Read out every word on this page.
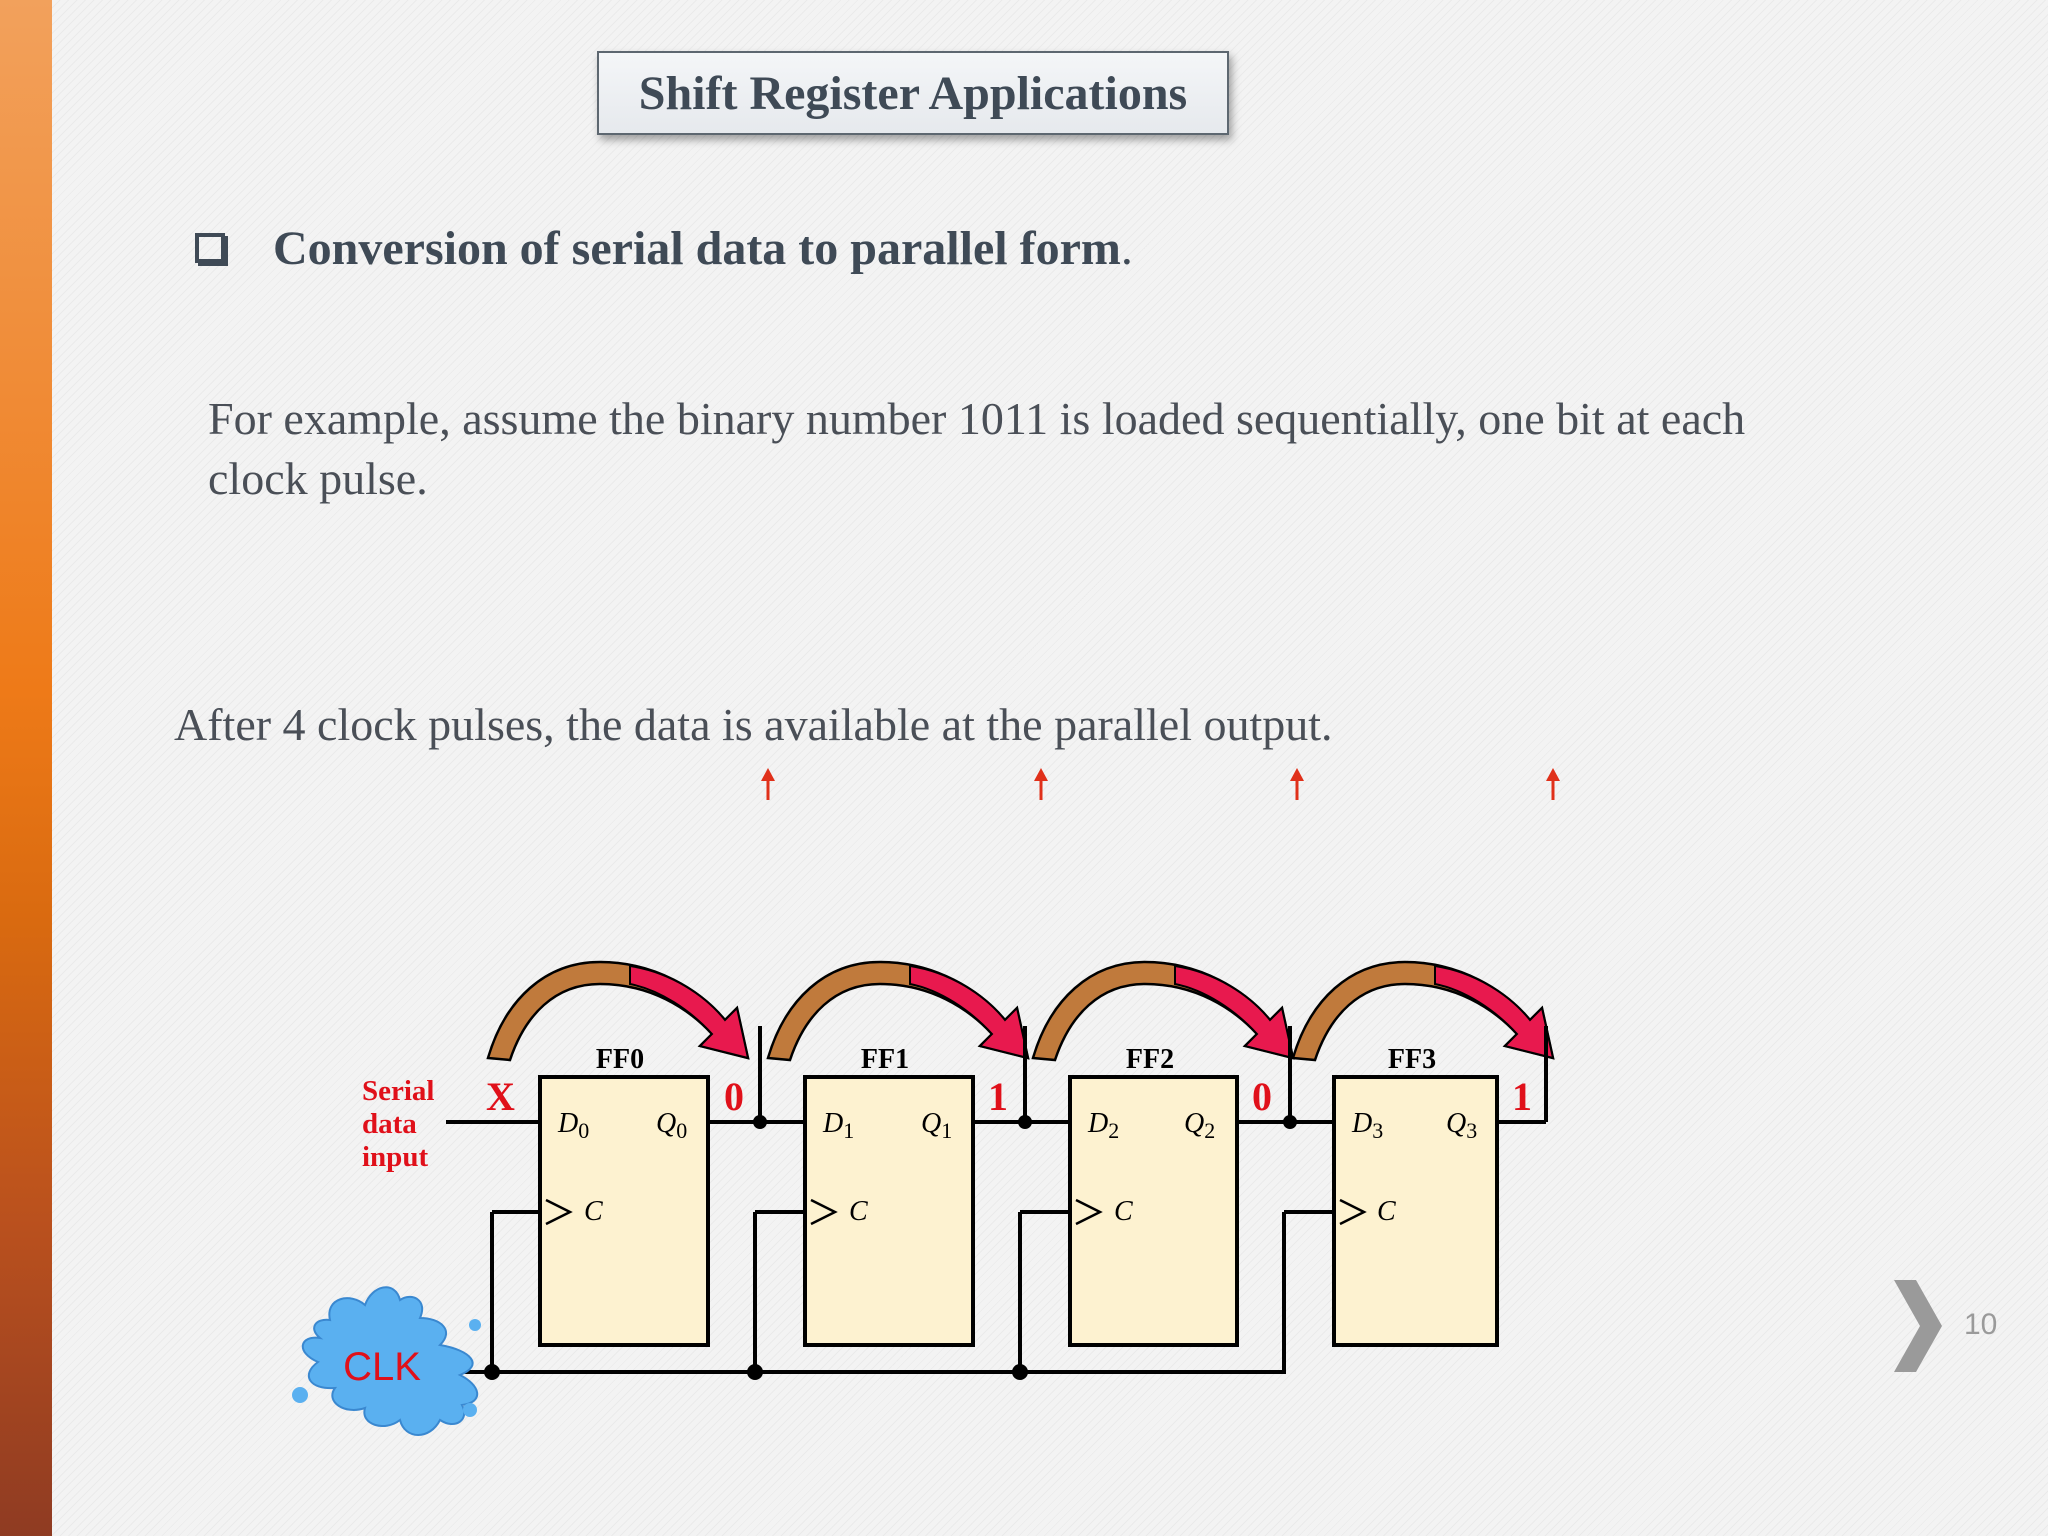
Shift Register Applications
Conversion of serial data to parallel form .
For example, assume the binary number 1011 is loaded sequentially, one bit at each clock pulse.
After 4 clock pulses, the data is available at the parallel output.
FF0
$D_0$ $Q_0$
C
FF1
$D_1$ $Q_1$
C
FF2
$D_2$ $Q_2$
C
FF3
$D_3$ $Q_3$
C
Serial
data
input
X	0	1	0	1
CLK
10
